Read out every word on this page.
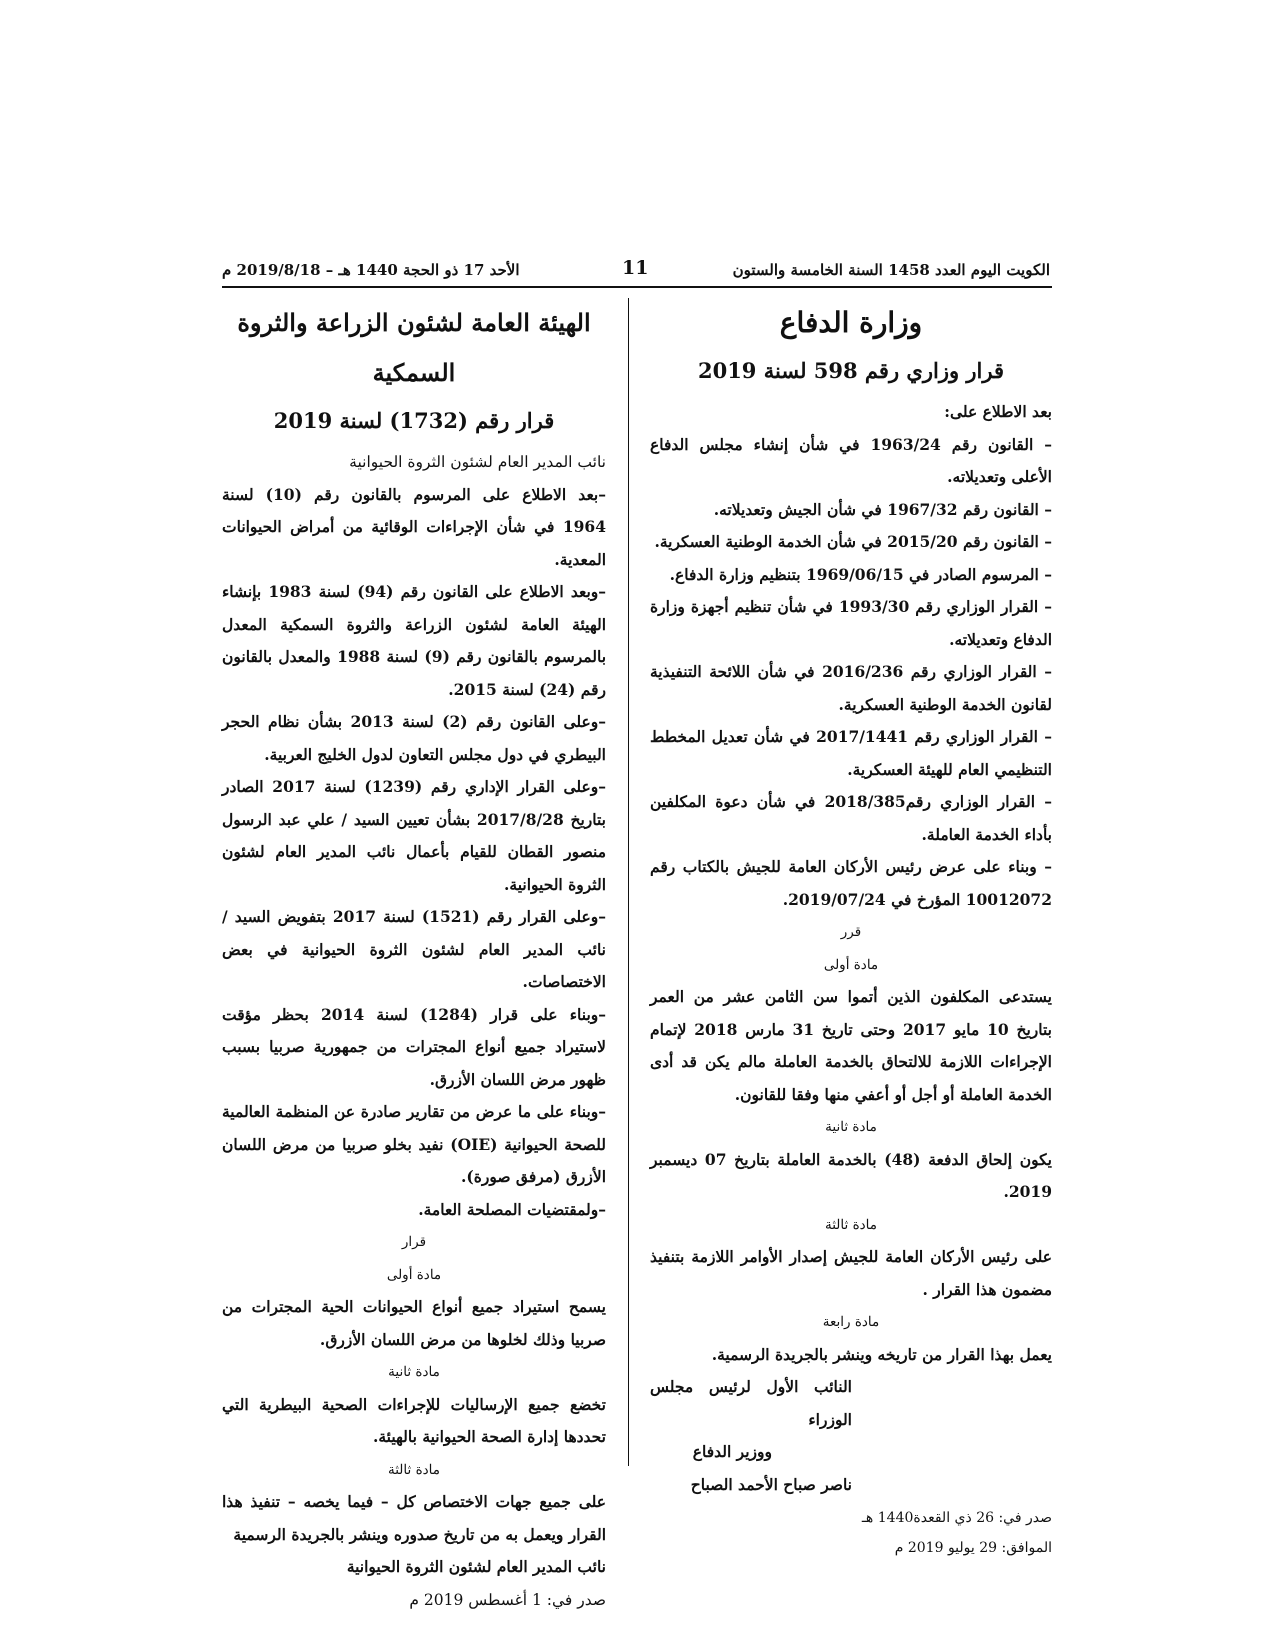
الكويت اليوم العدد 1458 السنة الخامسة والستون
11
الأحد 17 ذو الحجة 1440 هـ – 2019/8/18 م
وزارة الدفاع
قرار وزاري رقم 598 لسنة 2019

بعد الاطلاع على:

– القانون رقم 1963/24 في شأن إنشاء مجلس الدفاع الأعلى وتعديلاته.

– القانون رقم 1967/32 في شأن الجيش وتعديلاته.

– القانون رقم 2015/20 في شأن الخدمة الوطنية العسكرية.

– المرسوم الصادر في 1969/06/15 بتنظيم وزارة الدفاع.

– القرار الوزاري رقم 1993/30 في شأن تنظيم أجهزة وزارة الدفاع وتعديلاته.

– القرار الوزاري رقم 2016/236 في شأن اللائحة التنفيذية لقانون الخدمة الوطنية العسكرية.

– القرار الوزاري رقم 2017/1441 في شأن تعديل المخطط التنظيمي العام للهيئة العسكرية.

– القرار الوزاري رقم2018/385 في شأن دعوة المكلفين بأداء الخدمة العاملة.

– وبناء على عرض رئيس الأركان العامة للجيش بالكتاب رقم 10012072 المؤرخ في 2019/07/24.

قرر

مادة أولى

يستدعى المكلفون الذين أتموا سن الثامن عشر من العمر بتاريخ 10 مايو 2017 وحتى تاريخ 31 مارس 2018 لإتمام الإجراءات اللازمة للالتحاق بالخدمة العاملة مالم يكن قد أدى الخدمة العاملة أو أجل أو أعفي منها وفقا للقانون.

مادة ثانية

يكون إلحاق الدفعة (48) بالخدمة العاملة بتاريخ 07 ديسمبر 2019.

مادة ثالثة

على رئيس الأركان العامة للجيش إصدار الأوامر اللازمة بتنفيذ مضمون هذا القرار .

مادة رابعة

يعمل بهذا القرار من تاريخه وينشر بالجريدة الرسمية.

النائب الأول لرئيس مجلس الوزراء

ووزير الدفاع

ناصر صباح الأحمد الصباح

صدر في: 26 ذي القعدة1440 هـ

الموافق: 29 يوليو 2019 م

الهيئة العامة لشئون الزراعة والثروة السمكية
قرار رقم (1732) لسنة 2019

نائب المدير العام لشئون الثروة الحيوانية

–بعد الاطلاع على المرسوم بالقانون رقم (10) لسنة 1964 في شأن الإجراءات الوقائية من أمراض الحيوانات المعدية.

–وبعد الاطلاع على القانون رقم (94) لسنة 1983 بإنشاء الهيئة العامة لشئون الزراعة والثروة السمكية المعدل بالمرسوم بالقانون رقم (9) لسنة 1988 والمعدل بالقانون رقم (24) لسنة 2015.

–وعلى القانون رقم (2) لسنة 2013 بشأن نظام الحجر البيطري في دول مجلس التعاون لدول الخليج العربية.

–وعلى القرار الإداري رقم (1239) لسنة 2017 الصادر بتاريخ 2017/8/28 بشأن تعيين السيد / علي عبد الرسول منصور القطان للقيام بأعمال نائب المدير العام لشئون الثروة الحيوانية.

–وعلى القرار رقم (1521) لسنة 2017 بتفويض السيد / نائب المدير العام لشئون الثروة الحيوانية في بعض الاختصاصات.

–وبناء على قرار (1284) لسنة 2014 بحظر مؤقت لاستيراد جميع أنواع المجترات من جمهورية صربيا بسبب ظهور مرض اللسان الأزرق.

–وبناء على ما عرض من تقارير صادرة عن المنظمة العالمية للصحة الحيوانية (OIE) نفيد بخلو صربيا من مرض اللسان الأزرق (مرفق صورة).

–ولمقتضيات المصلحة العامة.

قرار

مادة أولى

يسمح استيراد جميع أنواع الحيوانات الحية المجترات من صربيا وذلك لخلوها من مرض اللسان الأزرق.

مادة ثانية

تخضع جميع الإرساليات للإجراءات الصحية البيطرية التي تحددها إدارة الصحة الحيوانية بالهيئة.

مادة ثالثة

على جميع جهات الاختصاص كل – فيما يخصه – تنفيذ هذا القرار ويعمل به من تاريخ صدوره وينشر بالجريدة الرسمية

نائب المدير العام لشئون الثروة الحيوانية

صدر في: 1 أغسطس 2019 م
